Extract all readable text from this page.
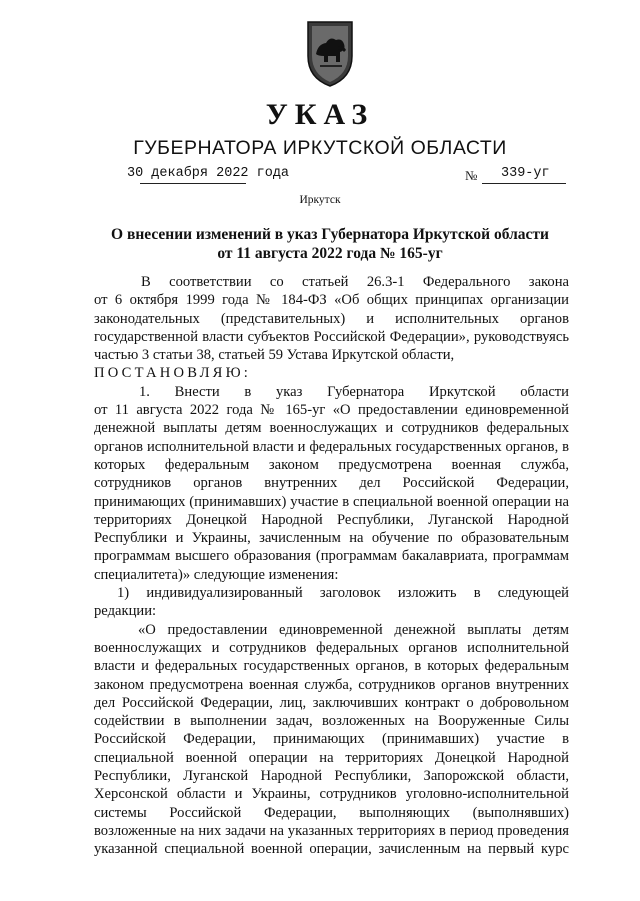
УКАЗ
ГУБЕРНАТОРА ИРКУТСКОЙ ОБЛАСТИ
30 декабря 2022 года	№ 339-уг
Иркутск
О внесении изменений в указ Губернатора Иркутской области
от 11 августа 2022 года № 165-уг

В соответствии со статьей 26.3-1 Федерального закона

от 6 октября 1999 года № 184-ФЗ «Об общих принципах организации

законодательных (представительных) и исполнительных органов

государственной власти субъектов Российской Федерации», руководствуясь

частью 3 статьи 38, статьей 59 Устава Иркутской области,

ПОСТАНОВЛЯЮ:

1. Внести в указ Губернатора Иркутской области

от 11 августа 2022 года № 165-уг «О предоставлении единовременной

денежной выплаты детям военнослужащих и сотрудников федеральных

органов исполнительной власти и федеральных государственных органов, в

которых федеральным законом предусмотрена военная служба,

сотрудников органов внутренних дел Российской Федерации,

принимающих (принимавших) участие в специальной военной операции на

территориях Донецкой Народной Республики, Луганской Народной

Республики и Украины, зачисленным на обучение по образовательным

программам высшего образования (программам бакалавриата, программам

специалитета)» следующие изменения:

1) индивидуализированный заголовок изложить в следующей

редакции:

«О предоставлении единовременной денежной выплаты детям

военнослужащих и сотрудников федеральных органов исполнительной

власти и федеральных государственных органов, в которых федеральным

законом предусмотрена военная служба, сотрудников органов внутренних

дел Российской Федерации, лиц, заключивших контракт о добровольном

содействии в выполнении задач, возложенных на Вооруженные Силы

Российской Федерации, принимающих (принимавших) участие в

специальной военной операции на территориях Донецкой Народной

Республики, Луганской Народной Республики, Запорожской области,

Херсонской области и Украины, сотрудников уголовно-исполнительной

системы Российской Федерации, выполняющих (выполнявших)

возложенные на них задачи на указанных территориях в период проведения

указанной специальной военной операции, зачисленным на первый курс
